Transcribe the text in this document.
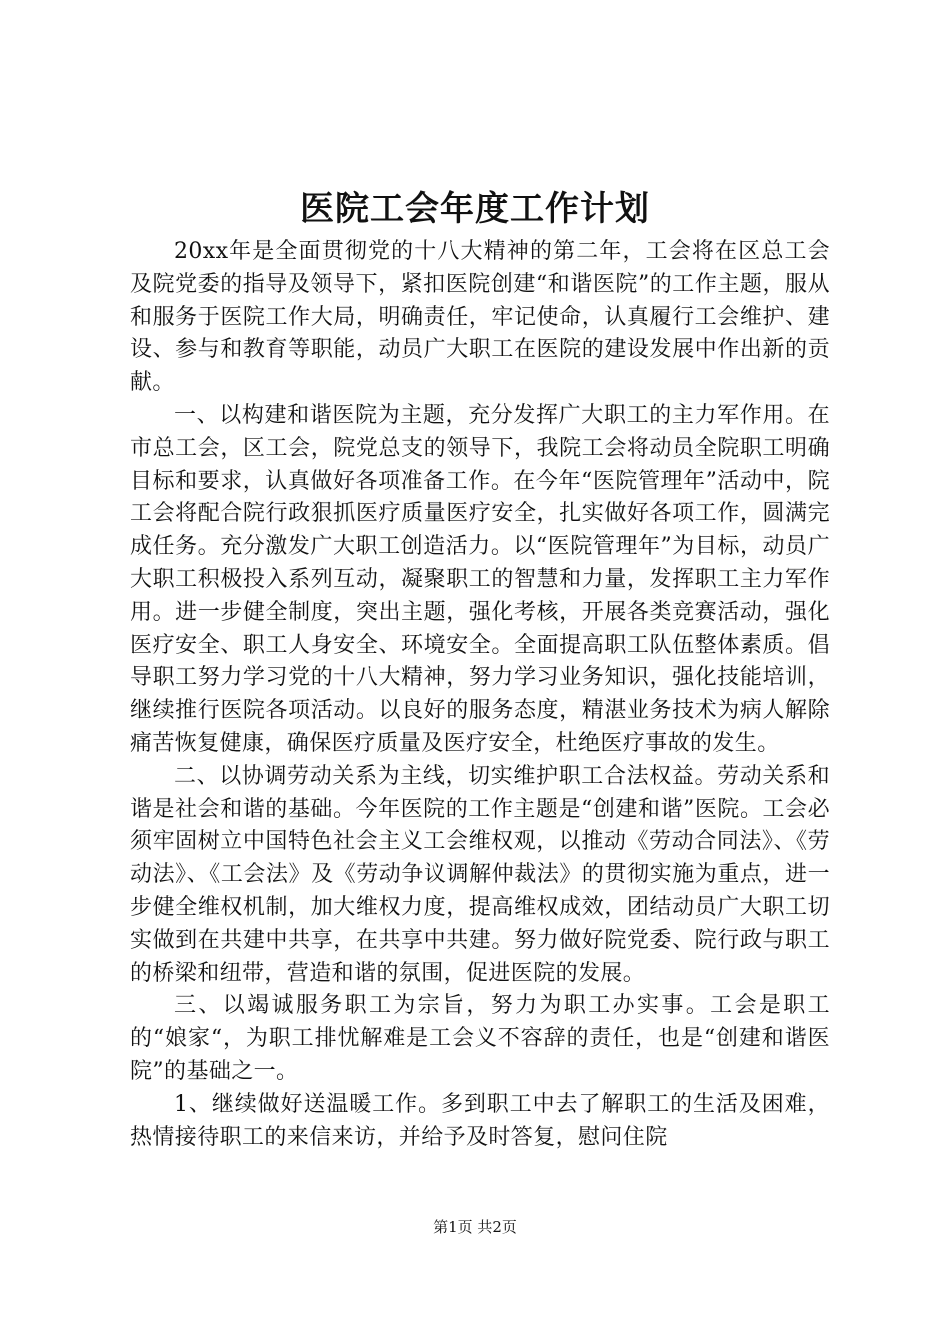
医院工会年度工作计划

20xx年是全面贯彻党的十八大精神的第二年，工会将在区总工会及院党委的指导及领导下，紧扣医院创建“和谐医院”的工作主题，服从和服务于医院工作大局，明确责任，牢记使命，认真履行工会维护、建设、参与和教育等职能，动员广大职工在医院的建设发展中作出新的贡献。

一、以构建和谐医院为主题，充分发挥广大职工的主力军作用。在市总工会，区工会，院党总支的领导下，我院工会将动员全院职工明确目标和要求，认真做好各项准备工作。在今年“医院管理年”活动中，院工会将配合院行政狠抓医疗质量医疗安全，扎实做好各项工作，圆满完成任务。充分激发广大职工创造活力。以“医院管理年”为目标，动员广大职工积极投入系列互动，凝聚职工的智慧和力量，发挥职工主力军作用。进一步健全制度，突出主题，强化考核，开展各类竞赛活动，强化医疗安全、职工人身安全、环境安全。全面提高职工队伍整体素质。倡导职工努力学习党的十八大精神，努力学习业务知识，强化技能培训，继续推行医院各项活动。以良好的服务态度，精湛业务技术为病人解除痛苦恢复健康，确保医疗质量及医疗安全，杜绝医疗事故的发生。

二、以协调劳动关系为主线，切实维护职工合法权益。劳动关系和谐是社会和谐的基础。今年医院的工作主题是“创建和谐”医院。工会必须牢固树立中国特色社会主义工会维权观，以推动《劳动合同法》、《劳动法》、《工会法》及《劳动争议调解仲裁法》的贯彻实施为重点，进一步健全维权机制，加大维权力度，提高维权成效，团结动员广大职工切实做到在共建中共享，在共享中共建。努力做好院党委、院行政与职工的桥梁和纽带，营造和谐的氛围，促进医院的发展。

三、以竭诚服务职工为宗旨，努力为职工办实事。工会是职工的“娘家“，为职工排忧解难是工会义不容辞的责任，也是“创建和谐医院”的基础之一。

1、继续做好送温暖工作。多到职工中去了解职工的生活及困难，热情接待职工的来信来访，并给予及时答复，慰问住院

第1页 共2页
